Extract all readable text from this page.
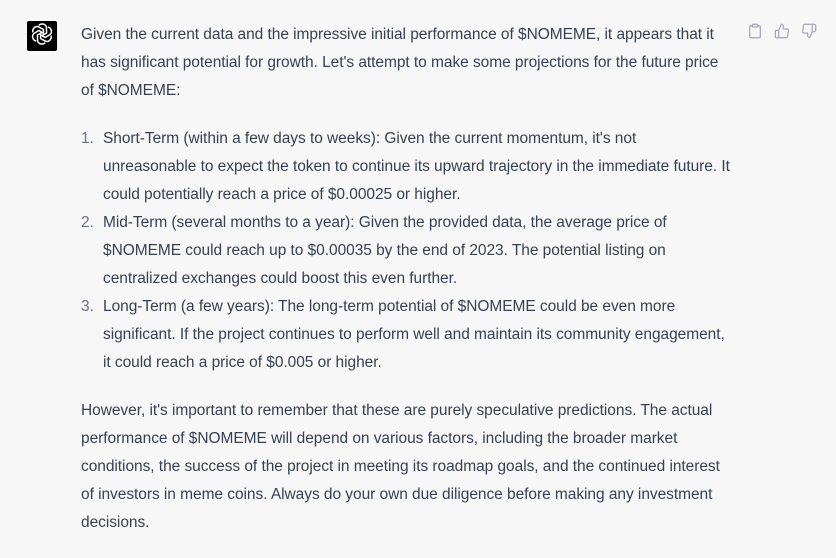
Given the current data and the impressive initial performance of $NOMEME, it appears that it has significant potential for growth. Let's attempt to make some projections for the future price of $NOMEME:

1. Short-Term (within a few days to weeks): Given the current momentum, it's not unreasonable to expect the token to continue its upward trajectory in the immediate future. It could potentially reach a price of $0.00025 or higher.
2. Mid-Term (several months to a year): Given the provided data, the average price of $NOMEME could reach up to $0.00035 by the end of 2023. The potential listing on centralized exchanges could boost this even further.
3. Long-Term (a few years): The long-term potential of $NOMEME could be even more significant. If the project continues to perform well and maintain its community engagement, it could reach a price of $0.005 or higher.

However, it's important to remember that these are purely speculative predictions. The actual performance of $NOMEME will depend on various factors, including the broader market conditions, the success of the project in meeting its roadmap goals, and the continued interest of investors in meme coins. Always do your own due diligence before making any investment decisions.
